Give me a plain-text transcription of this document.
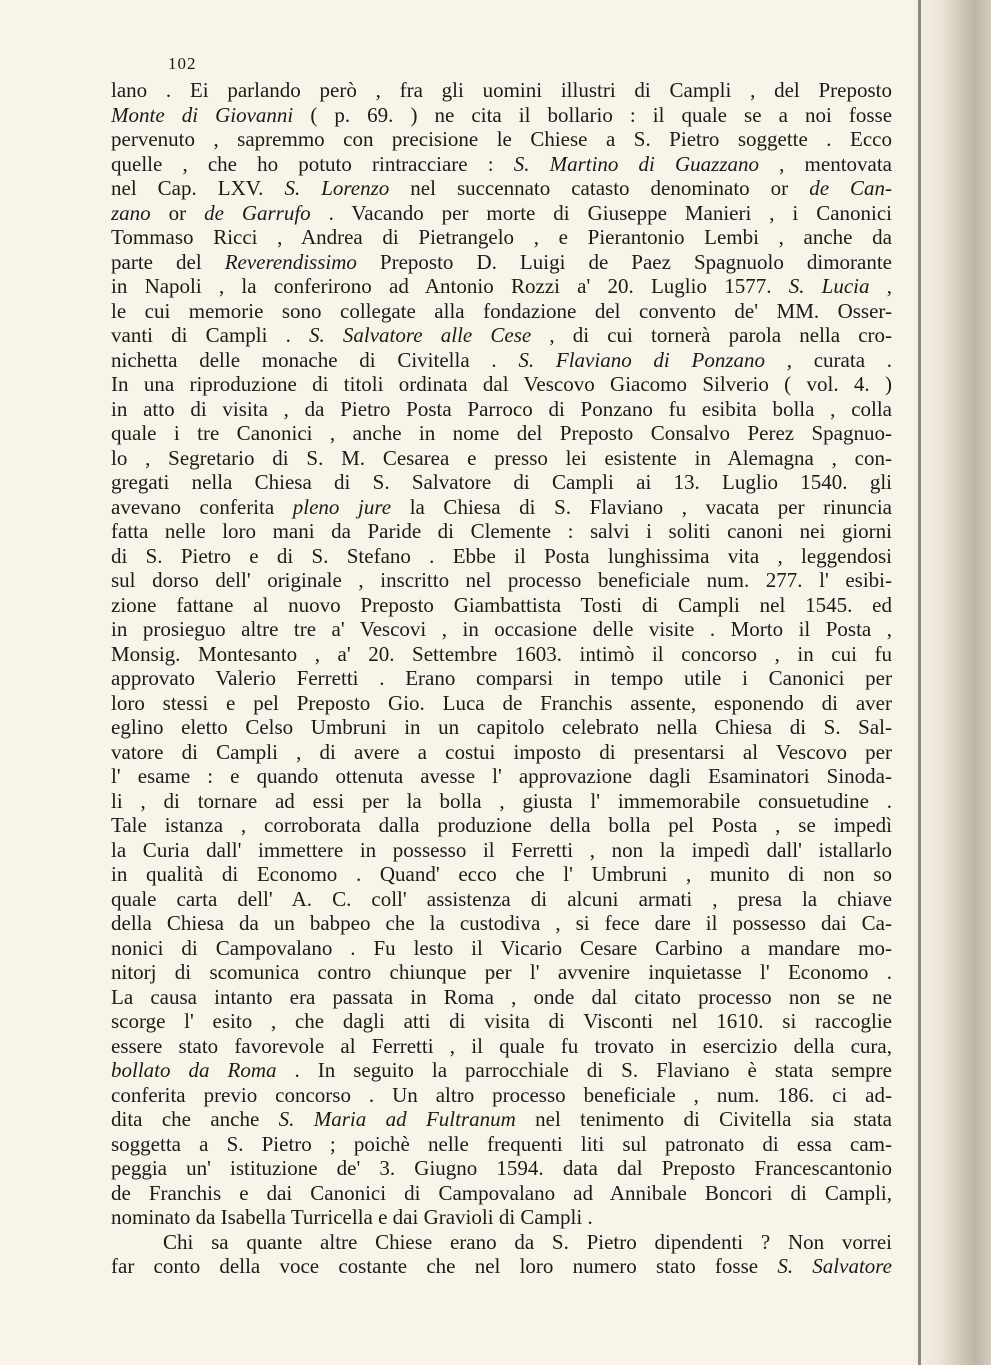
102
lano . Ei parlando però , fra gli uomini illustri di Campli , del Preposto
Monte di Giovanni ( p. 69. ) ne cita il bollario : il quale se a noi fosse
pervenuto , sapremmo con precisione le Chiese a S. Pietro soggette . Ecco
quelle , che ho potuto rintracciare : S. Martino di Guazzano , mentovata
nel Cap. LXV. S. Lorenzo nel succennato catasto denominato or de Can-
zano or de Garrufo . Vacando per morte di Giuseppe Manieri , i Canonici
Tommaso Ricci , Andrea di Pietrangelo , e Pierantonio Lembi , anche da
parte del Reverendissimo Preposto D. Luigi de Paez Spagnuolo dimorante
in Napoli , la conferirono ad Antonio Rozzi a' 20. Luglio 1577. S. Lucia ,
le cui memorie sono collegate alla fondazione del convento de' MM. Osser-
vanti di Campli . S. Salvatore alle Cese , di cui tornerà parola nella cro-
nichetta delle monache di Civitella . S. Flaviano di Ponzano , curata .
In una riproduzione di titoli ordinata dal Vescovo Giacomo Silverio ( vol. 4. )
in atto di visita , da Pietro Posta Parroco di Ponzano fu esibita bolla , colla
quale i tre Canonici , anche in nome del Preposto Consalvo Perez Spagnuo-
lo , Segretario di S. M. Cesarea e presso lei esistente in Alemagna , con-
gregati nella Chiesa di S. Salvatore di Campli ai 13. Luglio 1540. gli
avevano conferita pleno jure la Chiesa di S. Flaviano , vacata per rinuncia
fatta nelle loro mani da Paride di Clemente : salvi i soliti canoni nei giorni
di S. Pietro e di S. Stefano . Ebbe il Posta lunghissima vita , leggendosi
sul dorso dell' originale , inscritto nel processo beneficiale num. 277. l' esibi-
zione fattane al nuovo Preposto Giambattista Tosti di Campli nel 1545. ed
in prosieguo altre tre a' Vescovi , in occasione delle visite . Morto il Posta ,
Monsig. Montesanto , a' 20. Settembre 1603. intimò il concorso , in cui fu
approvato Valerio Ferretti . Erano comparsi in tempo utile i Canonici per
loro stessi e pel Preposto Gio. Luca de Franchis assente, esponendo di aver
eglino eletto Celso Umbruni in un capitolo celebrato nella Chiesa di S. Sal-
vatore di Campli , di avere a costui imposto di presentarsi al Vescovo per
l' esame : e quando ottenuta avesse l' approvazione dagli Esaminatori Sinoda-
li , di tornare ad essi per la bolla , giusta l' immemorabile consuetudine .
Tale istanza , corroborata dalla produzione della bolla pel Posta , se impedì
la Curia dall' immettere in possesso il Ferretti , non la impedì dall' istallarlo
in qualità di Economo . Quand' ecco che l' Umbruni , munito di non so
quale carta dell' A. C. coll' assistenza di alcuni armati , presa la chiave
della Chiesa da un babpeo che la custodiva , si fece dare il possesso dai Ca-
nonici di Campovalano . Fu lesto il Vicario Cesare Carbino a mandare mo-
nitorj di scomunica contro chiunque per l' avvenire inquietasse l' Economo .
La causa intanto era passata in Roma , onde dal citato processo non se ne
scorge l' esito , che dagli atti di visita di Visconti nel 1610. si raccoglie
essere stato favorevole al Ferretti , il quale fu trovato in esercizio della cura,
bollato da Roma . In seguito la parrocchiale di S. Flaviano è stata sempre
conferita previo concorso . Un altro processo beneficiale , num. 186. ci ad-
dita che anche S. Maria ad Fultranum nel tenimento di Civitella sia stata
soggetta a S. Pietro ; poichè nelle frequenti liti sul patronato di essa cam-
peggia un' istituzione de' 3. Giugno 1594. data dal Preposto Francescantonio
de Franchis e dai Canonici di Campovalano ad Annibale Boncori di Campli,
nominato da Isabella Turricella e dai Gravioli di Campli .
Chi sa quante altre Chiese erano da S. Pietro dipendenti ? Non vorrei
far conto della voce costante che nel loro numero stato fosse S. Salvatore
